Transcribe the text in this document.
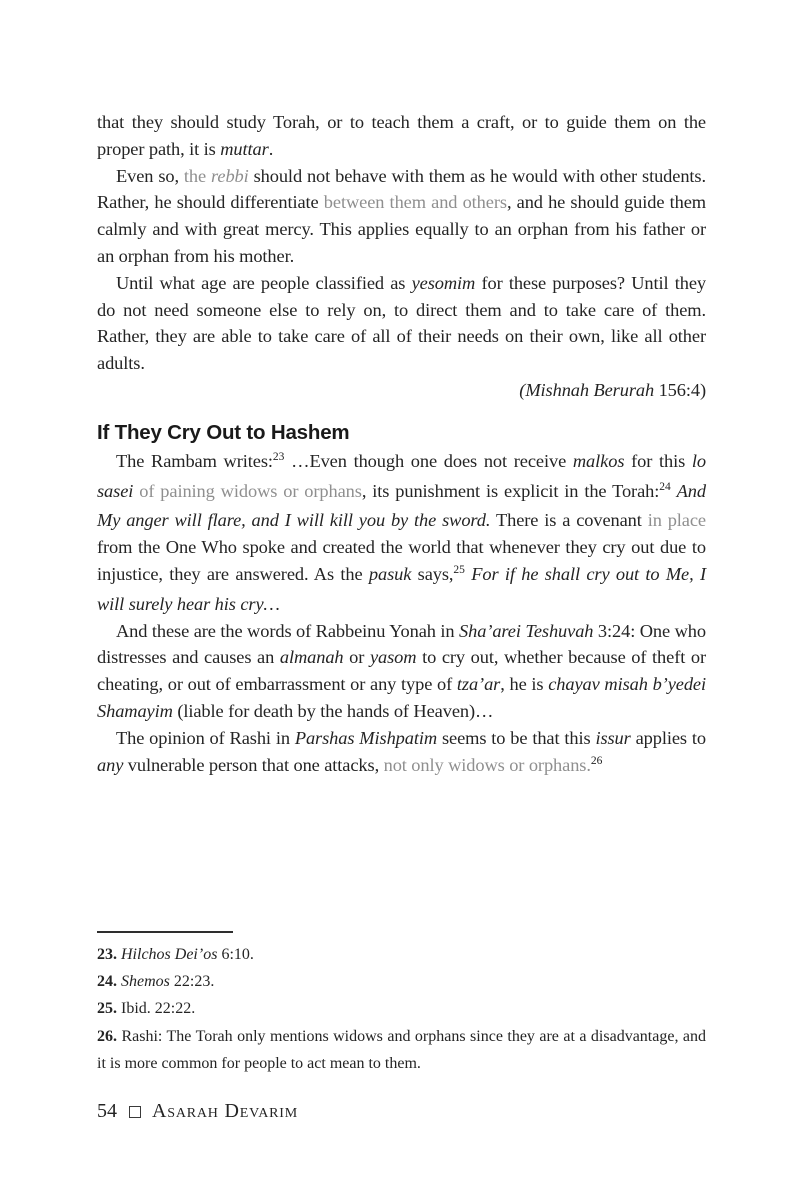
that they should study Torah, or to teach them a craft, or to guide them on the proper path, it is muttar.

Even so, the rebbi should not behave with them as he would with other students. Rather, he should differentiate between them and others, and he should guide them calmly and with great mercy. This applies equally to an orphan from his father or an orphan from his mother.

Until what age are people classified as yesomim for these purposes? Until they do not need someone else to rely on, to direct them and to take care of them. Rather, they are able to take care of all of their needs on their own, like all other adults.

(Mishnah Berurah 156:4)

If They Cry Out to Hashem

The Rambam writes:$^{23}$ …Even though one does not receive malkos for this lo sasei of paining widows or orphans, its punishment is explicit in the Torah:$^{24}$ And My anger will flare, and I will kill you by the sword. There is a covenant in place from the One Who spoke and created the world that whenever they cry out due to injustice, they are answered. As the pasuk says,$^{25}$ For if he shall cry out to Me, I will surely hear his cry…

And these are the words of Rabbeinu Yonah in Sha’arei Teshuvah 3:24: One who distresses and causes an almanah or yasom to cry out, whether because of theft or cheating, or out of embarrassment or any type of tza’ar, he is chayav misah b’yedei Shamayim (liable for death by the hands of Heaven)…

The opinion of Rashi in Parshas Mishpatim seems to be that this issur applies to any vulnerable person that one attacks, not only widows or orphans.$^{26}$

23. Hilchos Dei’os 6:10.

24. Shemos 22:23.

25. Ibid. 22:22.

26. Rashi: The Torah only mentions widows and orphans since they are at a disadvantage, and it is more common for people to act mean to them.

54 Asarah Devarim
